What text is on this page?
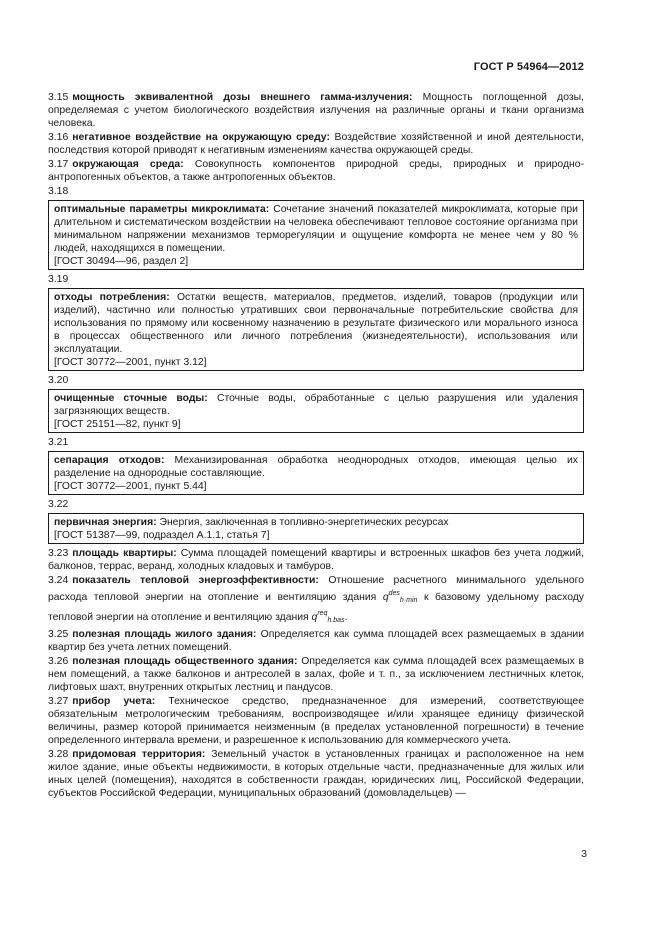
ГОСТ Р 54964—2012

3.15 мощность эквивалентной дозы внешнего гамма-излучения: Мощность поглощенной дозы, определяемая с учетом биологического воздействия излучения на различные органы и ткани организма человека.

3.16 негативное воздействие на окружающую среду: Воздействие хозяйственной и иной деятельности, последствия которой приводят к негативным изменениям качества окружающей среды.

3.17 окружающая среда: Совокупность компонентов природной среды, природных и природно-антропогенных объектов, а также антропогенных объектов.

3.18

оптимальные параметры микроклимата: Сочетание значений показателей микроклимата, которые при длительном и систематическом воздействии на человека обеспечивают тепловое состояние организма при минимальном напряжении механизмов терморегуляции и ощущение комфорта не менее чем у 80 % людей, находящихся в помещении.

[ГОСТ 30494—96, раздел 2]

3.19

отходы потребления: Остатки веществ, материалов, предметов, изделий, товаров (продукции или изделий), частично или полностью утративших свои первоначальные потребительские свойства для использования по прямому или косвенному назначению в результате физического или морального износа в процессах общественного или личного потребления (жизнедеятельности), использования или эксплуатации.

[ГОСТ 30772—2001, пункт 3.12]

3.20

очищенные сточные воды: Сточные воды, обработанные с целью разрушения или удаления загрязняющих веществ.

[ГОСТ 25151—82, пункт 9]

3.21

сепарация отходов: Механизированная обработка неоднородных отходов, имеющая целью их разделение на однородные составляющие.

[ГОСТ 30772—2001, пункт 5.44]

3.22

первичная энергия: Энергия, заключенная в топливно-энергетических ресурсах

[ГОСТ 51387—99, подраздел А.1.1, статья 7]

3.23 площадь квартиры: Сумма площадей помещений квартиры и встроенных шкафов без учета лоджий, балконов, террас, веранд, холодных кладовых и тамбуров.

3.24 показатель тепловой энергоэффективности: Отношение расчетного минимального удельного расхода тепловой энергии на отопление и вентиляцию здания $q^{des}_{h\cdot min}$ к базовому удельному расходу тепловой энергии на отопление и вентиляцию здания $q^{req}_{h.bas}$.

3.25 полезная площадь жилого здания: Определяется как сумма площадей всех размещаемых в здании квартир без учета летних помещений.

3.26 полезная площадь общественного здания: Определяется как сумма площадей всех размещаемых в нем помещений, а также балконов и антресолей в залах, фойе и т. п., за исключением лестничных клеток, лифтовых шахт, внутренних открытых лестниц и пандусов.

3.27 прибор учета: Техническое средство, предназначенное для измерений, соответствующее обязательным метрологическим требованиям, воспроизводящее и/или хранящее единицу физической величины, размер которой принимается неизменным (в пределах установленной погрешности) в течение определенного интервала времени, и разрешенное к использованию для коммерческого учета.

3.28 придомовая территория: Земельный участок в установленных границах и расположенное на нем жилое здание, иные объекты недвижимости, в которых отдельные части, предназначенные для жилых или иных целей (помещения), находятся в собственности граждан, юридических лиц, Российской Федерации, субъектов Российской Федерации, муниципальных образований (домовладельцев) —

3
